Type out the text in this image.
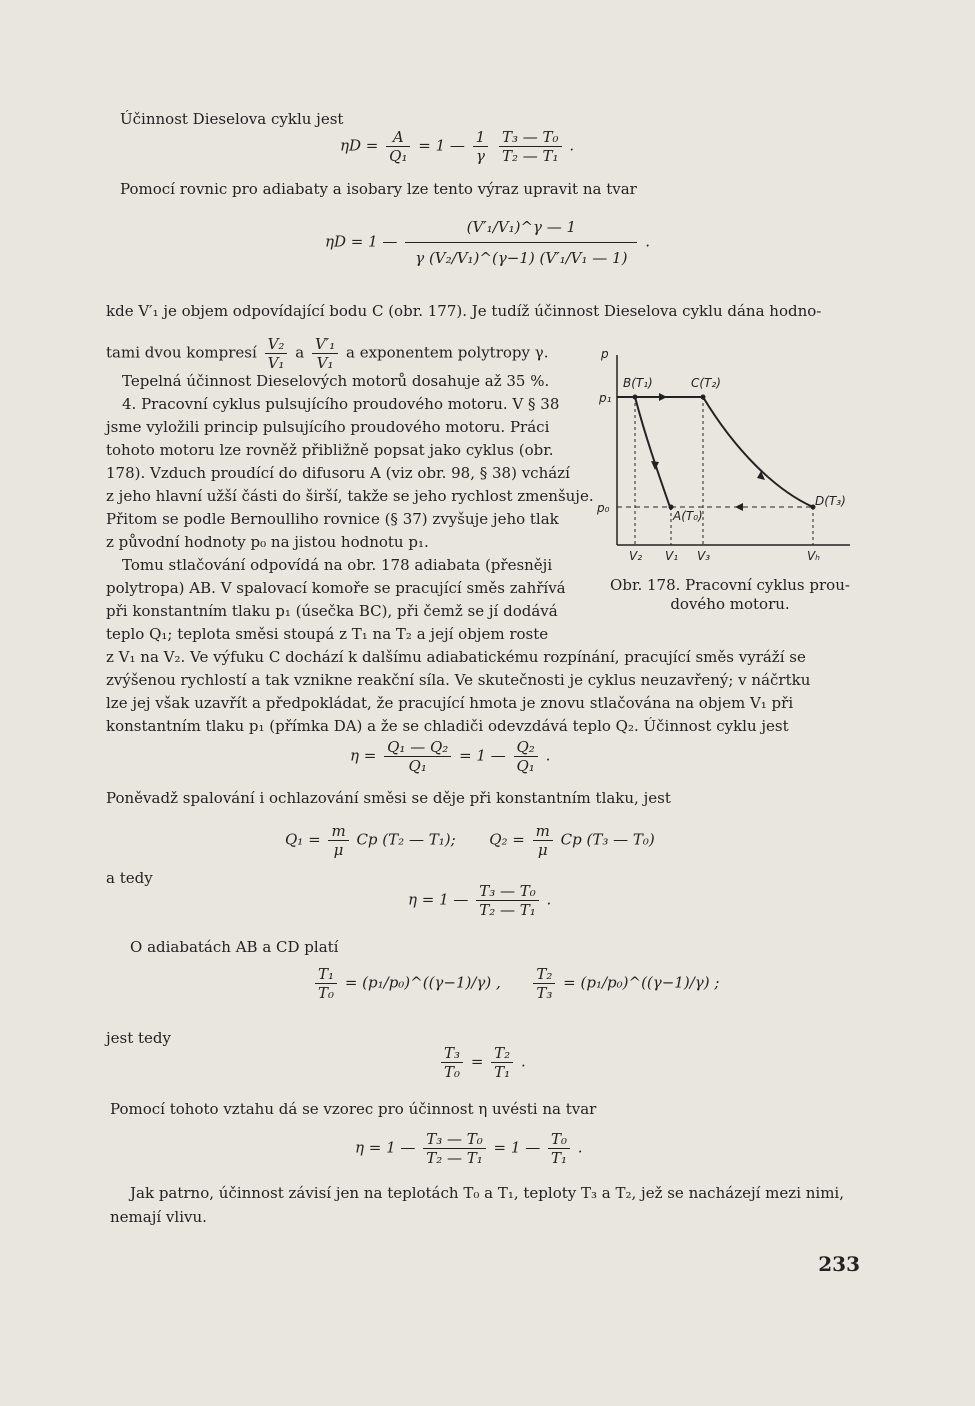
Účinnost Dieselova cyklu jest
$\eta D = \frac{A}{\text{Q₁}} = 1$ — $\frac{1}{\gamma}$
$\frac{\text{T₃ — T₀}}{\text{T₂ — T₁}}$ .
Pomocí rovnic pro adiabaty a isobary lze tento výraz upravit na tvar
ηD = 1 — $\frac{\text{(V′₁/V₁)\textasciicircum{}γ — 1}}{\text{γ (V₂/V₁)\textasciicircum{}(γ−1) (V′₁/V₁ — 1)}}$ .
kde V′₁ je objem odpovídající bodu C (obr. 177). Je tudíž účinnost Dieselova cyklu dána hodno-
tami dvou kompresí $\frac{\text{V₂}}{\text{V₁}}$ a $\frac{\text{V′₁}}{\text{V₁}}$ a exponentem polytropy γ.
Tepelná účinnost Dieselových motorů dosahuje až 35 %.
4. Pracovní cyklus pulsujícího proudového motoru. V § 38
jsme vyložili princip pulsujícího proudového motoru. Práci
tohoto motoru lze rovněž přibližně popsat jako cyklus (obr.
178). Vzduch proudící do difusoru A (viz obr. 98, § 38) vchází
z jeho hlavní užší části do širší, takže se jeho rychlost zmenšuje.
Přitom se podle Bernoulliho rovnice (§ 37) zvyšuje jeho tlak
z původní hodnoty p₀ na jistou hodnotu p₁.
Tomu stlačování odpovídá na obr. 178 adiabata (přesněji
polytropa) AB. V spalovací komoře se pracující směs zahřívá
při konstantním tlaku p₁ (úsečka BC), při čemž se jí dodává
teplo Q₁; teplota směsi stoupá z T₁ na T₂ a její objem roste
z V₁ na V₂. Ve výfuku C dochází k dalšímu adiabatickému rozpínání, pracující směs vyráží se
zvýšenou rychlostí a tak vznikne reakční síla. Ve skutečnosti je cyklus neuzavřený; v náčrtku
lze jej však uzavřít a předpokládat, že pracující hmota je znovu stlačována na objem V₁ při
konstantním tlaku p₁ (přímka DA) a že se chladiči odevzdává teplo Q₂. Účinnost cyklu jest
p
p₁
p₀
B(T₁)	C(T₂)
D(T₃)
A(T₀)
V₂ V₁ V₃	Vₕ
Obr. 178. Pracovní cyklus prou-
dového motoru.
$\eta = \frac{\text{Q₁ — Q₂}}{\text{Q₁}} = 1$ — $\frac{\text{Q₂}}{\text{Q₁}}$ .
Poněvadž spalování i ochlazování směsi se děje při konstantním tlaku, jest
$Q_1 = \frac{m}{\mu}$ Cp (T₂ — T₁); $Q_2 = \frac{m}{\mu}$ Cp (T₃ — T₀)
a tedy
η = 1 — $\frac{\text{T₃ — T₀}}{\text{T₂ — T₁}}$ .
O adiabatách AB a CD platí
$\frac{\text{T₁}}{\text{T₀}}$ = (p₁/p₀)^((γ−1)/γ) , $\frac{\text{T₂}}{\text{T₃}}$ = (p₁/p₀)^((γ−1)/γ) ;
jest tedy
$\frac{\text{T₃}}{\text{T₀}} = \frac{\text{T₂}}{\text{T₁}}$ .
Pomocí tohoto vztahu dá se vzorec pro účinnost η uvésti na tvar
η = 1 — $\frac{\text{T₃ — T₀}}{\text{T₂ — T₁}} = 1$ — $\frac{\text{T₀}}{\text{T₁}}$ .
Jak patrno, účinnost závisí jen na teplotách T₀ a T₁, teploty T₃ a T₂, jež se nacházejí mezi nimi,
nemají vlivu.
233
